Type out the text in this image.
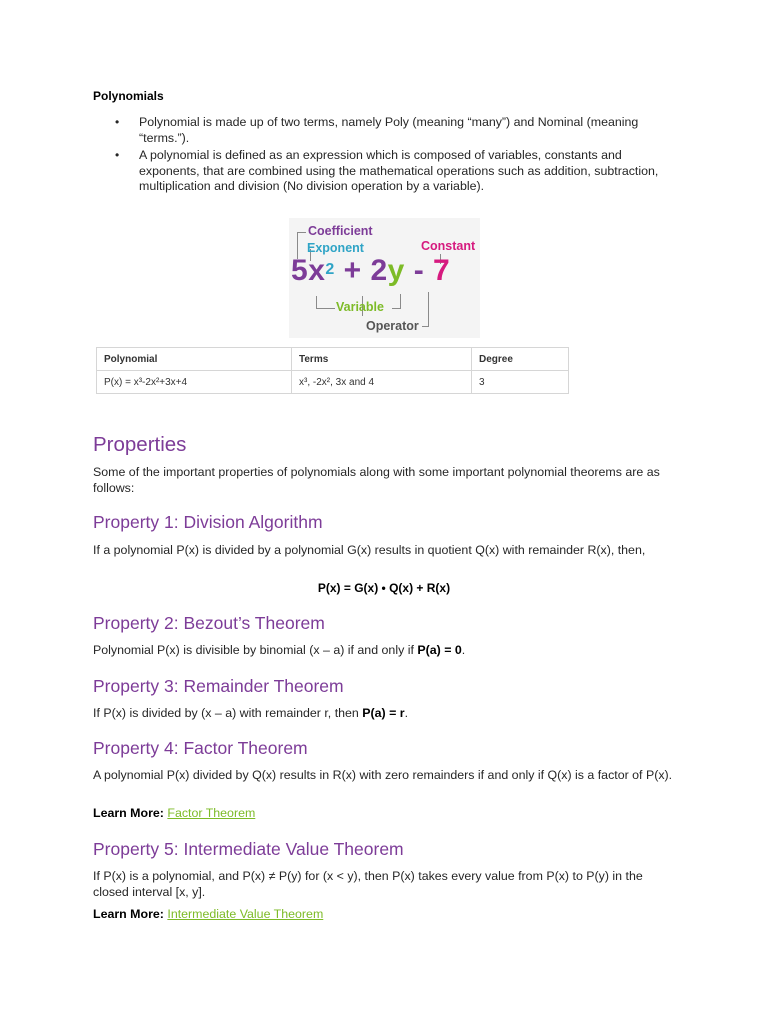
Polynomials
• Polynomial is made up of two terms, namely Poly (meaning “many”) and Nominal (meaning “terms.”).
• A polynomial is defined as an expression which is composed of variables, constants and exponents, that are combined using the mathematical operations such as addition, subtraction, multiplication and division (No division operation by a variable).
Coefficient
Exponent	Constant
$5x^2 + 2y - 7$
Variable
Operator
Polynomial	Terms	Degree
P(x) = x³-2x²+3x+4	x³, -2x², 3x and 4	3
Properties

Some of the important properties of polynomials along with some important polynomial theorems are as follows:

Property 1: Division Algorithm

If a polynomial P(x) is divided by a polynomial G(x) results in quotient Q(x) with remainder R(x), then,

P(x) = G(x) • Q(x) + R(x)
Property 2: Bezout’s Theorem

Polynomial P(x) is divisible by binomial (x – a) if and only if P(a) = 0.

Property 3: Remainder Theorem

If P(x) is divided by (x – a) with remainder r, then P(a) = r.

Property 4: Factor Theorem

A polynomial P(x) divided by Q(x) results in R(x) with zero remainders if and only if Q(x) is a factor of P(x).

Learn More: Factor Theorem
Property 5: Intermediate Value Theorem

If P(x) is a polynomial, and P(x) ≠ P(y) for (x < y), then P(x) takes every value from P(x) to P(y) in the closed interval [x, y].

Learn More: Intermediate Value Theorem
